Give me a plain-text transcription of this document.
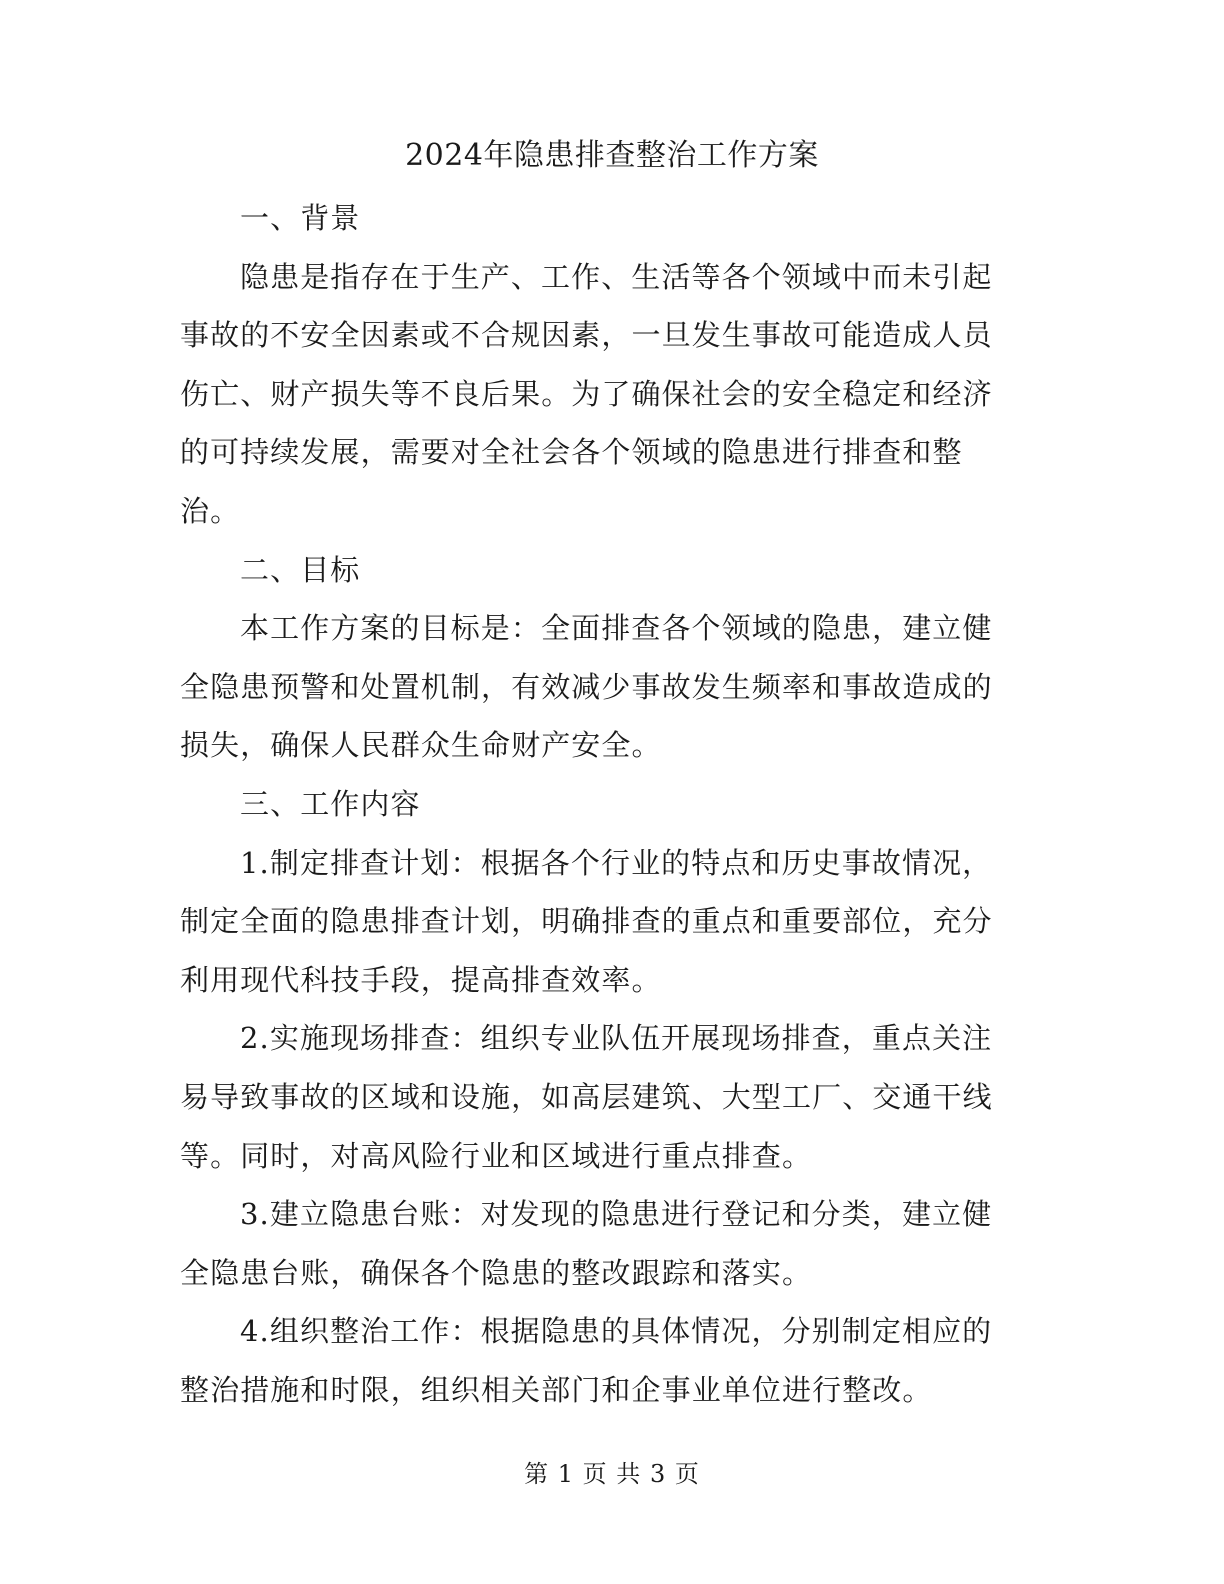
2024年隐患排查整治工作方案

一、背景

隐患是指存在于生产、工作、生活等各个领域中而未引起事故的不安全因素或不合规因素，一旦发生事故可能造成人员伤亡、财产损失等不良后果。为了确保社会的安全稳定和经济的可持续发展，需要对全社会各个领域的隐患进行排查和整治。

二、目标

本工作方案的目标是：全面排查各个领域的隐患，建立健全隐患预警和处置机制，有效减少事故发生频率和事故造成的损失，确保人民群众生命财产安全。

三、工作内容

1.制定排查计划：根据各个行业的特点和历史事故情况，制定全面的隐患排查计划，明确排查的重点和重要部位，充分利用现代科技手段，提高排查效率。

2.实施现场排查：组织专业队伍开展现场排查，重点关注易导致事故的区域和设施，如高层建筑、大型工厂、交通干线等。同时，对高风险行业和区域进行重点排查。

3.建立隐患台账：对发现的隐患进行登记和分类，建立健全隐患台账，确保各个隐患的整改跟踪和落实。

4.组织整治工作：根据隐患的具体情况，分别制定相应的整治措施和时限，组织相关部门和企事业单位进行整改。

第 1 页 共 3 页
